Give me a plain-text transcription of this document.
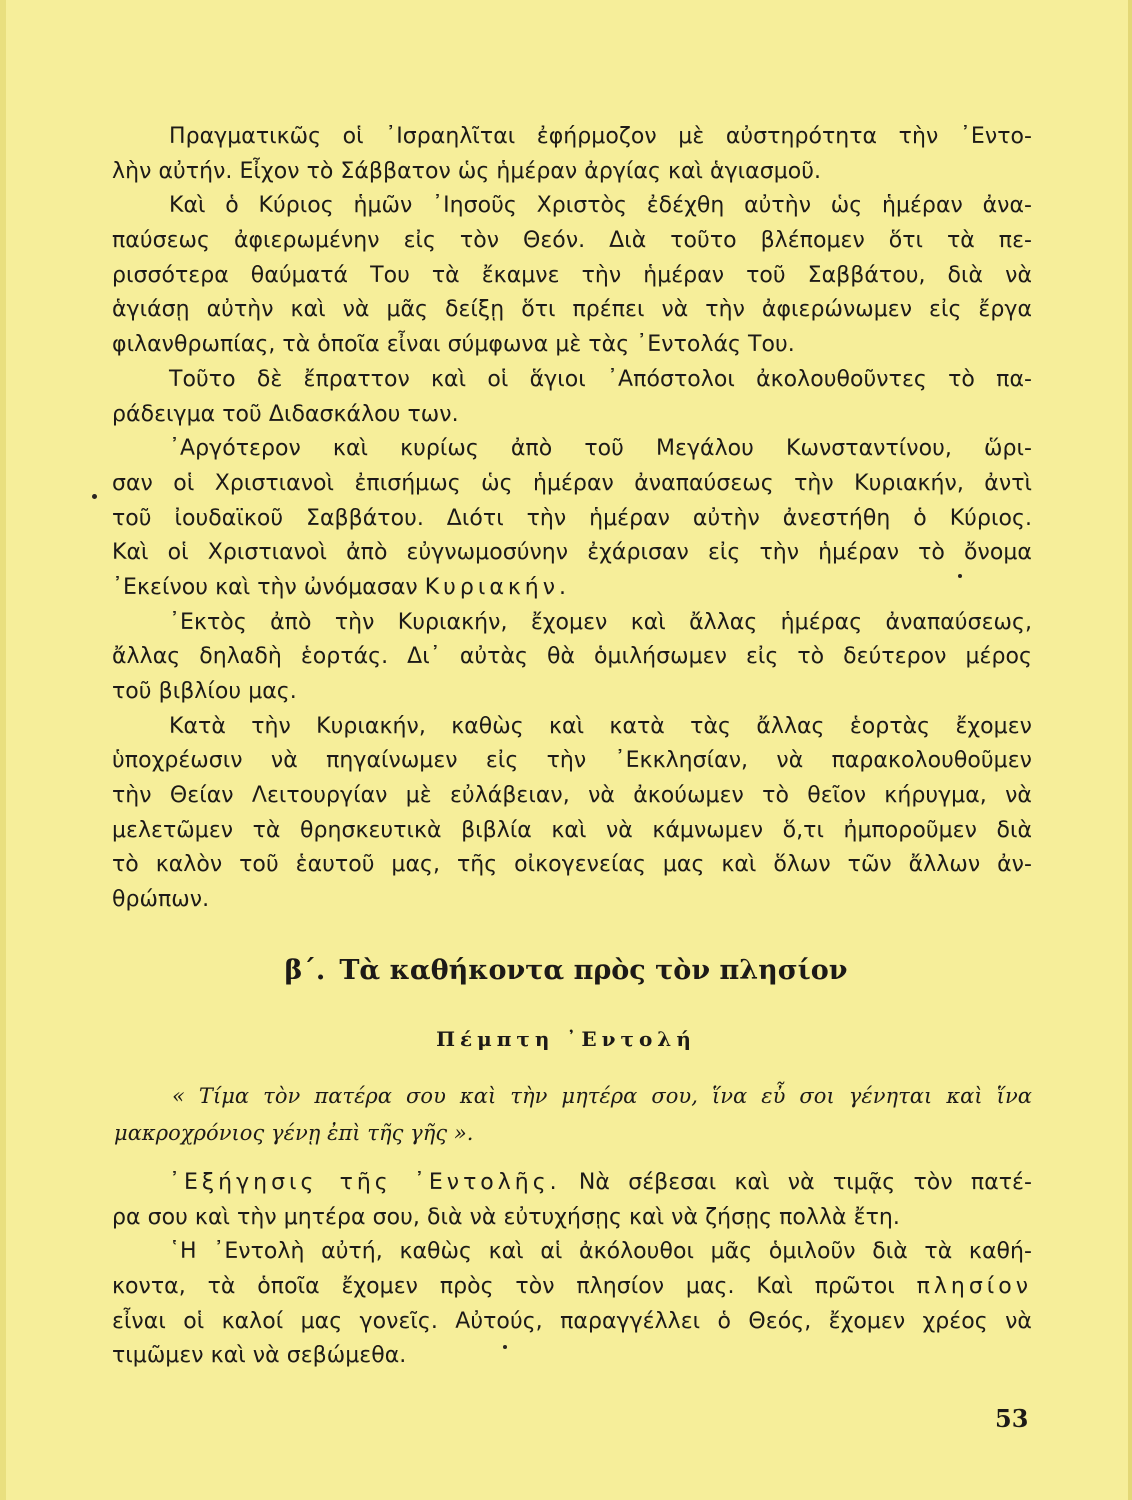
Πραγματικῶς οἱ ᾿Ισραηλῖται ἐφήρμοζον μὲ αὐστηρότητα τὴν ᾿Εντο-
λὴν αὐτήν. Εἶχον τὸ Σάββατον ὡς ἡμέραν ἀργίας καὶ ἁγιασμοῦ.
Καὶ ὁ Κύριος ἡμῶν ᾿Ιησοῦς Χριστὸς ἐδέχθη αὐτὴν ὡς ἡμέραν ἀνα-
παύσεως ἀφιερωμένην εἰς τὸν Θεόν. Διὰ τοῦτο βλέπομεν ὅτι τὰ πε-
ρισσότερα θαύματά Του τὰ ἔκαμνε τὴν ἡμέραν τοῦ Σαββάτου, διὰ νὰ
ἁγιάσῃ αὐτὴν καὶ νὰ μᾶς δείξῃ ὅτι πρέπει νὰ τὴν ἀφιερώνωμεν εἰς ἔργα
φιλανθρωπίας, τὰ ὁποῖα εἶναι σύμφωνα μὲ τὰς ᾿Εντολάς Του.
Τοῦτο δὲ ἔπραττον καὶ οἱ ἅγιοι ᾿Απόστολοι ἀκολουθοῦντες τὸ πα-
ράδειγμα τοῦ Διδασκάλου των.
᾿Αργότερον καὶ κυρίως ἀπὸ τοῦ Μεγάλου Κωνσταντίνου, ὥρι-
σαν οἱ Χριστιανοὶ ἐπισήμως ὡς ἡμέραν ἀναπαύσεως τὴν Κυριακήν, ἀντὶ
τοῦ ἰουδαϊκοῦ Σαββάτου. Διότι τὴν ἡμέραν αὐτὴν ἀνεστήθη ὁ Κύριος.
Καὶ οἱ Χριστιανοὶ ἀπὸ εὐγνωμοσύνην ἐχάρισαν εἰς τὴν ἡμέραν τὸ ὄνομα
᾿Εκείνου καὶ τὴν ὠνόμασαν Κυριακήν.
᾿Εκτὸς ἀπὸ τὴν Κυριακήν, ἔχομεν καὶ ἄλλας ἡμέρας ἀναπαύσεως,
ἄλλας δηλαδὴ ἑορτάς. Δι᾿ αὐτὰς θὰ ὁμιλήσωμεν εἰς τὸ δεύτερον μέρος
τοῦ βιβλίου μας.
Κατὰ τὴν Κυριακήν, καθὼς καὶ κατὰ τὰς ἄλλας ἑορτὰς ἔχομεν
ὑποχρέωσιν νὰ πηγαίνωμεν εἰς τὴν ᾿Εκκλησίαν, νὰ παρακολουθοῦμεν
τὴν Θείαν Λειτουργίαν μὲ εὐλάβειαν, νὰ ἀκούωμεν τὸ θεῖον κήρυγμα, νὰ
μελετῶμεν τὰ θρησκευτικὰ βιβλία καὶ νὰ κάμνωμεν ὅ,τι ἠμποροῦμεν διὰ
τὸ καλὸν τοῦ ἑαυτοῦ μας, τῆς οἰκογενείας μας καὶ ὅλων τῶν ἄλλων ἀν-
θρώπων.
β΄. Τὰ καθήκοντα πρὸς τὸν πλησίον
Πέμπτη ᾿Εντολή
« Τίμα τὸν πατέρα σου καὶ τὴν μητέρα σου, ἵνα εὖ σοι γένηται καὶ ἵνα
μακροχρόνιος γένῃ ἐπὶ τῆς γῆς ».
᾿Εξήγησις τῆς ᾿Εντολῆς. Νὰ σέβεσαι καὶ νὰ τιμᾷς τὸν πατέ-
ρα σου καὶ τὴν μητέρα σου, διὰ νὰ εὐτυχήσῃς καὶ νὰ ζήσῃς πολλὰ ἔτη.
῾Η ᾿Εντολὴ αὐτή, καθὼς καὶ αἱ ἀκόλουθοι μᾶς ὁμιλοῦν διὰ τὰ καθή-
κοντα, τὰ ὁποῖα ἔχομεν πρὸς τὸν πλησίον μας. Καὶ πρῶτοι πλησίον
εἶναι οἱ καλοί μας γονεῖς. Αὐτούς, παραγγέλλει ὁ Θεός, ἔχομεν χρέος νὰ
τιμῶμεν καὶ νὰ σεβώμεθα.
53
